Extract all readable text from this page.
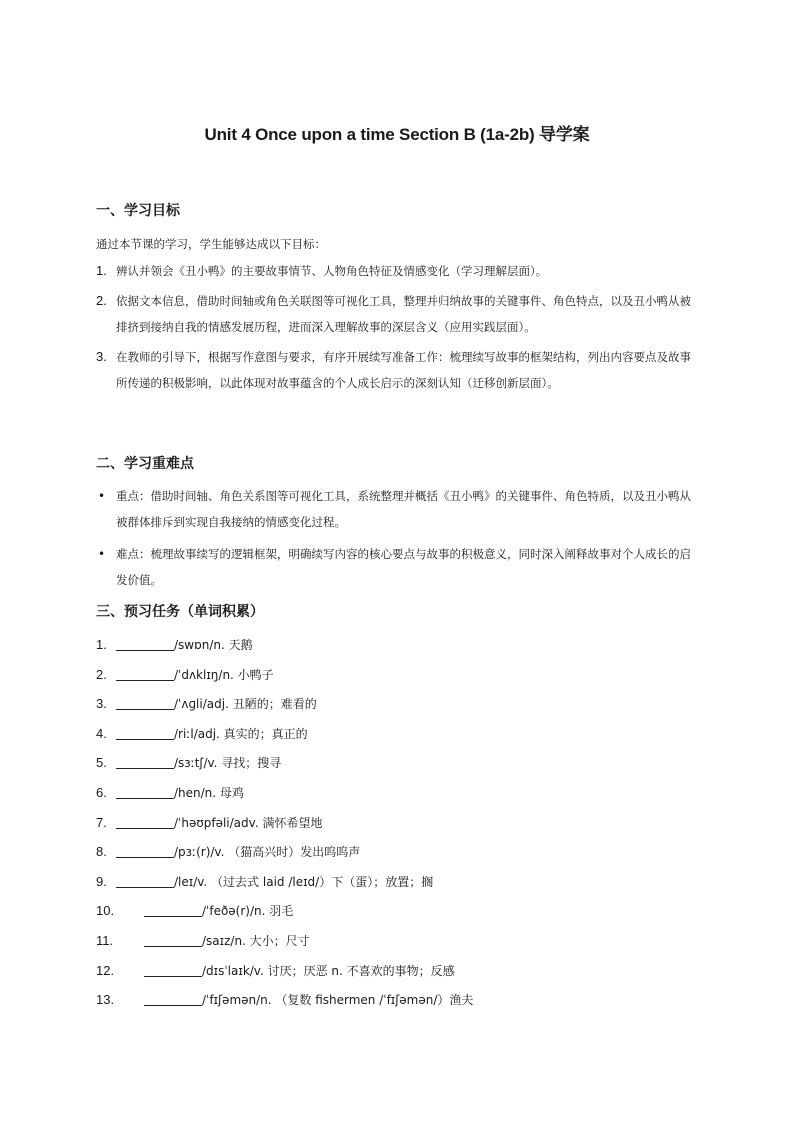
Unit 4 Once upon a time Section B (1a-2b) 导学案
一、学习目标
通过本节课的学习，学生能够达成以下目标：
1. 辨认并领会《丑小鸭》的主要故事情节、人物角色特征及情感变化（学习理解层面）。
2. 依据文本信息，借助时间轴或角色关联图等可视化工具，整理并归纳故事的关键事件、角色特点，以及丑小鸭从被排挤到接纳自我的情感发展历程，进而深入理解故事的深层含义（应用实践层面）。
3. 在教师的引导下，根据写作意图与要求，有序开展续写准备工作：梳理续写故事的框架结构，列出内容要点及故事所传递的积极影响，以此体现对故事蕴含的个人成长启示的深刻认知（迁移创新层面）。
二、学习重难点
• 重点：借助时间轴、角色关系图等可视化工具，系统整理并概括《丑小鸭》的关键事件、角色特质，以及丑小鸭从被群体排斥到实现自我接纳的情感变化过程。
• 难点：梳理故事续写的逻辑框架，明确续写内容的核心要点与故事的积极意义，同时深入阐释故事对个人成长的启发价值。
三、预习任务（单词积累）
1.	/swɒn/n. 天鹅
2.	/ˈdʌklɪŋ/n. 小鸭子
3.	/ˈʌɡli/adj. 丑陋的；难看的
4.	/riːl/adj. 真实的；真正的
5.	/sɜːtʃ/v. 寻找；搜寻
6.	/hen/n. 母鸡
7.	/ˈhəʊpfəli/adv. 满怀希望地
8.	/pɜː(r)/v. （猫高兴时）发出呜呜声
9.	/leɪ/v. （过去式 laid /leɪd/）下（蛋）；放置；搁
10.	/ˈfeðə(r)/n. 羽毛
11.	/saɪz/n. 大小；尺寸
12.	/dɪsˈlaɪk/v. 讨厌；厌恶 n. 不喜欢的事物；反感
13.	/ˈfɪʃəmən/n. （复数 fishermen /ˈfɪʃəmən/）渔夫
